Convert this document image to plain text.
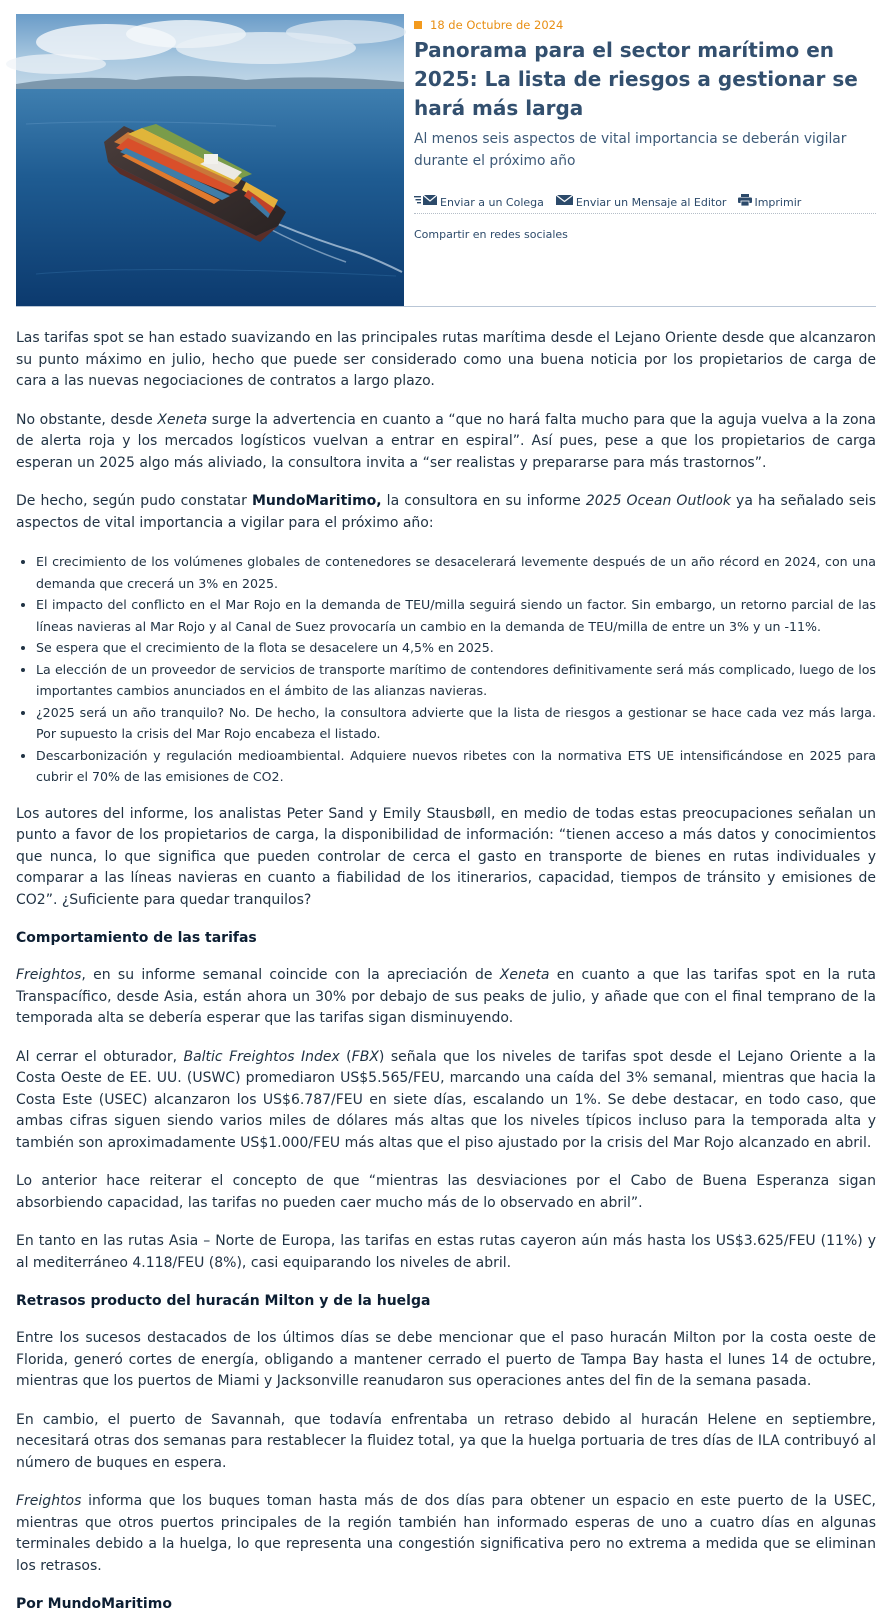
18 de Octubre de 2024
Panorama para el sector marítimo en 2025: La lista de riesgos a gestionar se hará más larga
Al menos seis aspectos de vital importancia se deberán vigilar durante el próximo año
Enviar a un Colega	Enviar un Mensaje al Editor	Imprimir
Compartir en redes sociales

Las tarifas spot se han estado suavizando en las principales rutas marítima desde el Lejano Oriente desde que alcanzaron su punto máximo en julio, hecho que puede ser considerado como una buena noticia por los propietarios de carga de cara a las nuevas negociaciones de contratos a largo plazo.

No obstante, desde Xeneta surge la advertencia en cuanto a “que no hará falta mucho para que la aguja vuelva a la zona de alerta roja y los mercados logísticos vuelvan a entrar en espiral”. Así pues, pese a que los propietarios de carga esperan un 2025 algo más aliviado, la consultora invita a “ser realistas y prepararse para más trastornos”.

De hecho, según pudo constatar MundoMaritimo, la consultora en su informe 2025 Ocean Outlook ya ha señalado seis aspectos de vital importancia a vigilar para el próximo año:

• El crecimiento de los volúmenes globales de contenedores se desacelerará levemente después de un año récord en 2024, con una demanda que crecerá un 3% en 2025.
• El impacto del conflicto en el Mar Rojo en la demanda de TEU/milla seguirá siendo un factor. Sin embargo, un retorno parcial de las líneas navieras al Mar Rojo y al Canal de Suez provocaría un cambio en la demanda de TEU/milla de entre un 3% y un -11%.
• Se espera que el crecimiento de la flota se desacelere un 4,5% en 2025.
• La elección de un proveedor de servicios de transporte marítimo de contendores definitivamente será más complicado, luego de los importantes cambios anunciados en el ámbito de las alianzas navieras.
• ¿2025 será un año tranquilo? No. De hecho, la consultora advierte que la lista de riesgos a gestionar se hace cada vez más larga. Por supuesto la crisis del Mar Rojo encabeza el listado.
• Descarbonización y regulación medioambiental. Adquiere nuevos ribetes con la normativa ETS UE intensificándose en 2025 para cubrir el 70% de las emisiones de CO2.

Los autores del informe, los analistas Peter Sand y Emily Stausbøll, en medio de todas estas preocupaciones señalan un punto a favor de los propietarios de carga, la disponibilidad de información: “tienen acceso a más datos y conocimientos que nunca, lo que significa que pueden controlar de cerca el gasto en transporte de bienes en rutas individuales y comparar a las líneas navieras en cuanto a fiabilidad de los itinerarios, capacidad, tiempos de tránsito y emisiones de CO2”. ¿Suficiente para quedar tranquilos?

Comportamiento de las tarifas

Freightos, en su informe semanal coincide con la apreciación de Xeneta en cuanto a que las tarifas spot en la ruta Transpacífico, desde Asia, están ahora un 30% por debajo de sus peaks de julio, y añade que con el final temprano de la temporada alta se debería esperar que las tarifas sigan disminuyendo.

Al cerrar el obturador, Baltic Freightos Index (FBX) señala que los niveles de tarifas spot desde el Lejano Oriente a la Costa Oeste de EE. UU. (USWC) promediaron US$5.565/FEU, marcando una caída del 3% semanal, mientras que hacia la Costa Este (USEC) alcanzaron los US$6.787/FEU en siete días, escalando un 1%. Se debe destacar, en todo caso, que ambas cifras siguen siendo varios miles de dólares más altas que los niveles típicos incluso para la temporada alta y también son aproximadamente US$1.000/FEU más altas que el piso ajustado por la crisis del Mar Rojo alcanzado en abril.

Lo anterior hace reiterar el concepto de que “mientras las desviaciones por el Cabo de Buena Esperanza sigan absorbiendo capacidad, las tarifas no pueden caer mucho más de lo observado en abril”.

En tanto en las rutas Asia – Norte de Europa, las tarifas en estas rutas cayeron aún más hasta los US$3.625/FEU (11%) y al mediterráneo 4.118/FEU (8%), casi equiparando los niveles de abril.

Retrasos producto del huracán Milton y de la huelga

Entre los sucesos destacados de los últimos días se debe mencionar que el paso huracán Milton por la costa oeste de Florida, generó cortes de energía, obligando a mantener cerrado el puerto de Tampa Bay hasta el lunes 14 de octubre, mientras que los puertos de Miami y Jacksonville reanudaron sus operaciones antes del fin de la semana pasada.

En cambio, el puerto de Savannah, que todavía enfrentaba un retraso debido al huracán Helene en septiembre, necesitará otras dos semanas para restablecer la fluidez total, ya que la huelga portuaria de tres días de ILA contribuyó al número de buques en espera.

Freightos informa que los buques toman hasta más de dos días para obtener un espacio en este puerto de la USEC, mientras que otros puertos principales de la región también han informado esperas de uno a cuatro días en algunas terminales debido a la huelga, lo que representa una congestión significativa pero no extrema a medida que se eliminan los retrasos.

Por MundoMaritimo
